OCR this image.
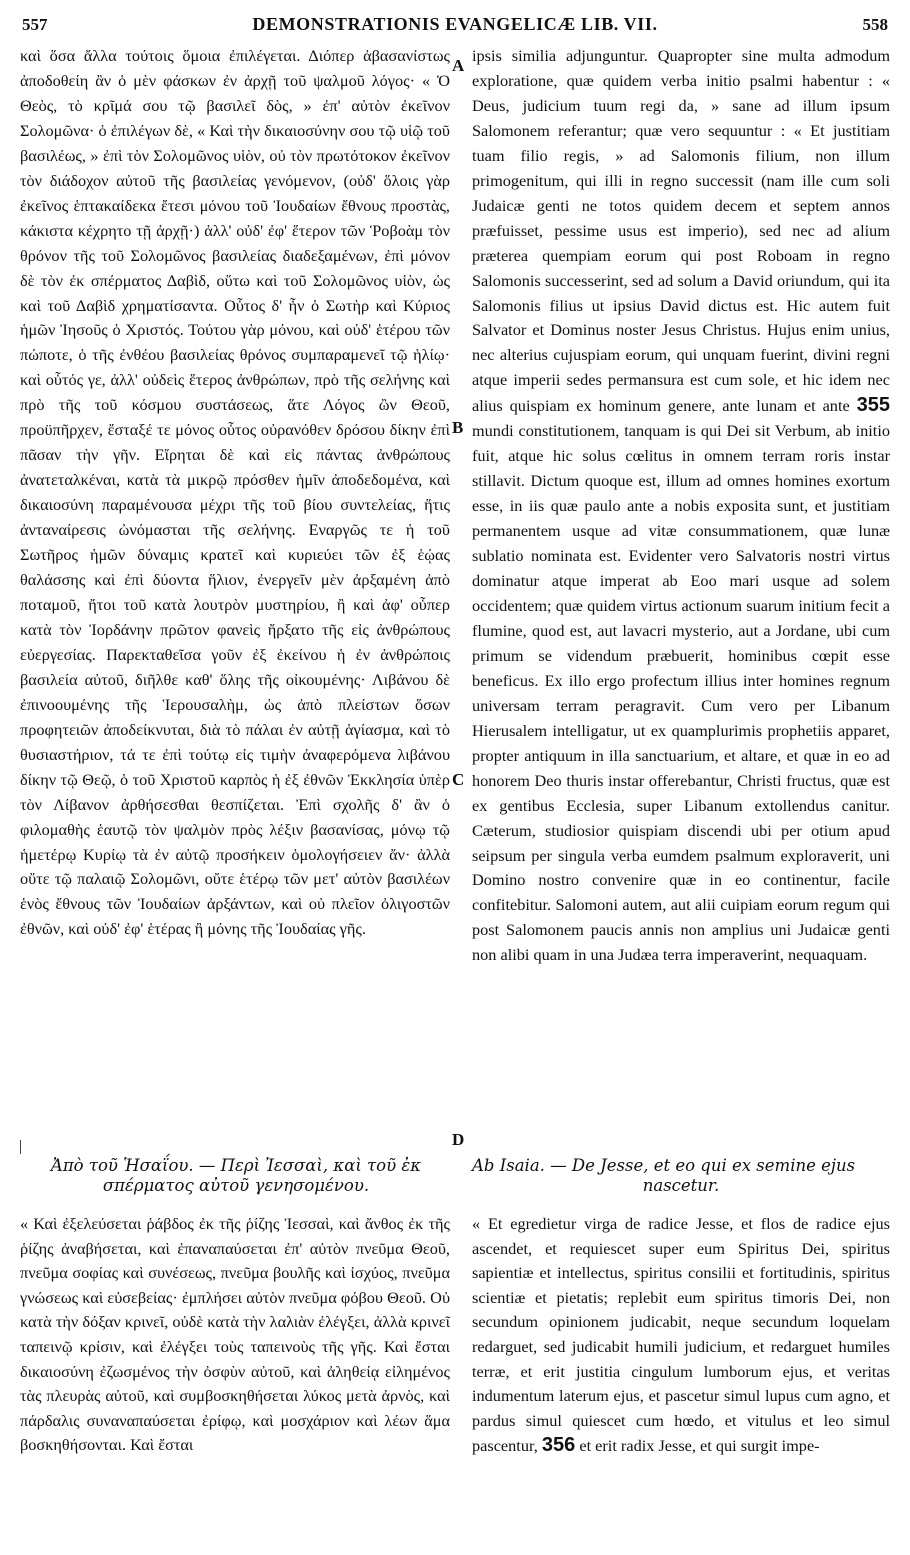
557	DEMONSTRATIONIS EVANGELICÆ LIB. VII.	558

καὶ ὅσα ἄλλα τούτοις ὅμοια ἐπιλέγεται. Διόπερ ἀβασανίστως ἀποδοθείη ἂν ὁ μὲν φάσκων ἐν ἀρχῇ τοῦ ψαλμοῦ λόγος· « Ὁ Θεὸς, τὸ κρῖμά σου τῷ βασιλεῖ δὸς, » ἐπ' αὐτὸν ἐκεῖνον Σολομῶνα· ὁ ἐπιλέγων δὲ, « Καὶ τὴν δικαιοσύνην σου τῷ υἱῷ τοῦ βασιλέως, » ἐπὶ τὸν Σολομῶνος υἱὸν, οὐ τὸν πρωτότοκον ἐκεῖνον τὸν διάδοχον αὐτοῦ τῆς βασιλείας γενόμενον, (οὐδ' ὅλοις γὰρ ἐκεῖνος ἑπτακαίδεκα ἔτεσι μόνου τοῦ Ἰουδαίων ἔθνους προστὰς, κάκιστα κέχρητο τῇ ἀρχῇ·) ἀλλ' οὐδ' ἐφ' ἕτερον τῶν Ῥοβοὰμ τὸν θρόνον τῆς τοῦ Σολομῶνος βασιλείας διαδεξαμένων, ἐπὶ μόνον δὲ τὸν ἐκ σπέρματος Δαβὶδ, οὕτω καὶ τοῦ Σολομῶνος υἱὸν, ὡς καὶ τοῦ Δαβὶδ χρηματίσαντα. Οὗτος δ' ἦν ὁ Σωτὴρ καὶ Κύριος ἡμῶν Ἰησοῦς ὁ Χριστός. Τούτου γὰρ μόνου, καὶ οὐδ' ἑτέρου τῶν πώποτε, ὁ τῆς ἐνθέου βασιλείας θρόνος συμπαραμενεῖ τῷ ἡλίῳ· καὶ οὗτός γε, ἀλλ' οὐδεὶς ἕτερος ἀνθρώπων, πρὸ τῆς σελήνης καὶ πρὸ τῆς τοῦ κόσμου συστάσεως, ἅτε Λόγος ὢν Θεοῦ, προϋπῆρχεν, ἔσταξέ τε μόνος οὗτος οὐρανόθεν δρόσου δίκην ἐπὶ πᾶσαν τὴν γῆν. Εἴρηται δὲ καὶ εἰς πάντας ἀνθρώπους ἀνατεταλκέναι, κατὰ τὰ μικρῷ πρόσθεν ἡμῖν ἀποδεδομένα, καὶ δικαιοσύνη παραμένουσα μέχρι τῆς τοῦ βίου συντελείας, ἥτις ἀνταναίρεσις ὠνόμασται τῆς σελήνης. Εναργῶς τε ἡ τοῦ Σωτῆρος ἡμῶν δύναμις κρατεῖ καὶ κυριεύει τῶν ἐξ ἑῴας θαλάσσης καὶ ἐπὶ δύοντα ἥλιον, ἐνεργεῖν μὲν ἀρξαμένη ἀπὸ ποταμοῦ, ἤτοι τοῦ κατὰ λουτρὸν μυστηρίου, ἢ καὶ ἀφ' οὗπερ κατὰ τὸν Ἰορδάνην πρῶτον φανεὶς ἤρξατο τῆς εἰς ἀνθρώπους εὐεργεσίας. Παρεκταθεῖσα γοῦν ἐξ ἐκείνου ἡ ἐν ἀνθρώποις βασιλεία αὐτοῦ, διῆλθε καθ' ὅλης τῆς οἰκουμένης· Λιβάνου δὲ ἐπινοουμένης τῆς Ἱερουσαλὴμ, ὡς ἀπὸ πλείστων ὅσων προφητειῶν ἀποδείκνυται, διὰ τὸ πάλαι ἐν αὐτῇ ἁγίασμα, καὶ τὸ θυσιαστήριον, τά τε ἐπὶ τούτῳ εἰς τιμὴν ἀναφερόμενα λιβάνου δίκην τῷ Θεῷ, ὁ τοῦ Χριστοῦ καρπὸς ἡ ἐξ ἐθνῶν Ἐκκλησία ὑπὲρ τὸν Λίβανον ἀρθήσεσθαι θεσπίζεται. Ἐπὶ σχολῆς δ' ἂν ὁ φιλομαθὴς ἑαυτῷ τὸν ψαλμὸν πρὸς λέξιν βασανίσας, μόνῳ τῷ ἡμετέρῳ Κυρίῳ τὰ ἐν αὐτῷ προσήκειν ὁμολογήσειεν ἄν· ἀλλὰ οὔτε τῷ παλαιῷ Σολομῶνι, οὔτε ἑτέρῳ τῶν μετ' αὐτὸν βασιλέων ἑνὸς ἔθνους τῶν Ἰουδαίων ἀρξάντων, καὶ οὐ πλεῖον ὀλιγοστῶν ἐθνῶν, καὶ οὐδ' ἐφ' ἑτέρας ἢ μόνης τῆς Ἰουδαίας γῆς.

ipsis similia adjunguntur. Quapropter sine multa admodum exploratione, quæ quidem verba initio psalmi habentur : « Deus, judicium tuum regi da, » sane ad illum ipsum Salomonem referantur; quæ vero sequuntur : « Et justitiam tuam filio regis, » ad Salomonis filium, non illum primogenitum, qui illi in regno successit (nam ille cum soli Judaicæ genti ne totos quidem decem et septem annos præfuisset, pessime usus est imperio), sed nec ad alium præterea quempiam eorum qui post Roboam in regno Salomonis successerint, sed ad solum a David oriundum, qui ita Salomonis filius ut ipsius David dictus est. Hic autem fuit Salvator et Dominus noster Jesus Christus. Hujus enim unius, nec alterius cujuspiam eorum, qui unquam fuerint, divini regni atque imperii sedes permansura est cum sole, et hic idem nec alius quispiam ex hominum genere, ante lunam et ante 355 mundi constitutionem, tanquam is qui Dei sit Verbum, ab initio fuit, atque hic solus cœlitus in omnem terram roris instar stillavit. Dictum quoque est, illum ad omnes homines exortum esse, in iis quæ paulo ante a nobis exposita sunt, et justitiam permanentem usque ad vitæ consummationem, quæ lunæ sublatio nominata est. Evidenter vero Salvatoris nostri virtus dominatur atque imperat ab Eoo mari usque ad solem occidentem; quæ quidem virtus actionum suarum initium fecit a flumine, quod est, aut lavacri mysterio, aut a Jordane, ubi cum primum se videndum præbuerit, hominibus cœpit esse beneficus. Ex illo ergo profectum illius inter homines regnum universam terram peragravit. Cum vero per Libanum Hierusalem intelligatur, ut ex quamplurimis prophetiis apparet, propter antiquum in illa sanctuarium, et altare, et quæ in eo ad honorem Deo thuris instar offerebantur, Christi fructus, quæ est ex gentibus Ecclesia, super Libanum extollendus canitur. Cæterum, studiosior quispiam discendi ubi per otium apud seipsum per singula verba eumdem psalmum exploraverit, uni Domino nostro convenire quæ in eo continentur, facile confitebitur. Salomoni autem, aut alii cuipiam eorum regum qui post Salomonem paucis annis non amplius uni Judaicæ genti non alibi quam in una Judæa terra imperaverint, nequaquam.

A
B
C
D
Ἀπὸ τοῦ Ἡσαΐου. — Περὶ Ἰεσσαὶ, καὶ τοῦ ἐκ
σπέρματος αὐτοῦ γενησομένου.
Ab Isaia. — De Jesse, et eo qui ex semine ejus
nascetur.

« Καὶ ἐξελεύσεται ῥάβδος ἐκ τῆς ῥίζης Ἰεσσαὶ, καὶ ἄνθος ἐκ τῆς ῥίζης ἀναβήσεται, καὶ ἐπαναπαύσεται ἐπ' αὐτὸν πνεῦμα Θεοῦ, πνεῦμα σοφίας καὶ συνέσεως, πνεῦμα βουλῆς καὶ ἰσχύος, πνεῦμα γνώσεως καὶ εὐσεβείας· ἐμπλήσει αὐτὸν πνεῦμα φόβου Θεοῦ. Οὐ κατὰ τὴν δόξαν κρινεῖ, οὐδὲ κατὰ τὴν λαλιὰν ἐλέγξει, ἀλλὰ κρινεῖ ταπεινῷ κρίσιν, καὶ ἐλέγξει τοὺς ταπεινοὺς τῆς γῆς. Καὶ ἔσται δικαιοσύνη ἐζωσμένος τὴν ὀσφὺν αὐτοῦ, καὶ ἀληθείᾳ εἰλημένος τὰς πλευρὰς αὐτοῦ, καὶ συμβοσκηθήσεται λύκος μετὰ ἀρνὸς, καὶ πάρδαλις συναναπαύσεται ἐρίφῳ, καὶ μοσχάριον καὶ λέων ἅμα βοσκηθήσονται. Καὶ ἔσται

« Et egredietur virga de radice Jesse, et flos de radice ejus ascendet, et requiescet super eum Spiritus Dei, spiritus sapientiæ et intellectus, spiritus consilii et fortitudinis, spiritus scientiæ et pietatis; replebit eum spiritus timoris Dei, non secundum opinionem judicabit, neque secundum loquelam redarguet, sed judicabit humili judicium, et redarguet humiles terræ, et erit justitia cingulum lumborum ejus, et veritas indumentum laterum ejus, et pascetur simul lupus cum agno, et pardus simul quiescet cum hœdo, et vitulus et leo simul pascentur, 356 et erit radix Jesse, et qui surgit impe-
